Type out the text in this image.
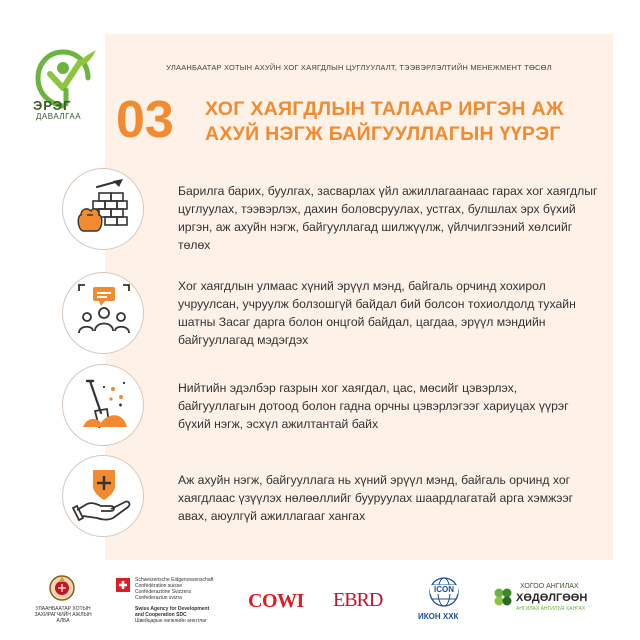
ЭРЭГ
ДАВАЛГАА
УЛААНБААТАР ХОТЫН АХУЙН ХОГ ХАЯГДЛЫН ЦУГЛУУЛАЛТ, ТЭЭВЭРЛЭЛТИЙН МЕНЕЖМЕНТ ТӨСӨЛ
03 ХОГ ХАЯГДЛЫН ТАЛААР ИРГЭН АЖ АХУЙ НЭГЖ БАЙГУУЛЛАГЫН ҮҮРЭГ
Барилга барих, буулгах, засварлах үйл ажиллагаанаас гарах хог хаягдлыг цуглуулах, тээвэрлэх, дахин боловсруулах, устгах, булшлах эрх бүхий иргэн, аж ахуйн нэгж, байгууллагад шилжүүлж, үйлчилгээний хөлсийг төлөх
Хог хаягдлын улмаас хүний эрүүл мэнд, байгаль орчинд хохирол учруулсан, учруулж болзошгүй байдал бий болсон тохиолдолд тухайн шатны Засаг дарга болон онцгой байдал, цагдаа, эрүүл мэндийн байгууллагад мэдэгдэх
Нийтийн эдэлбэр газрын хог хаягдал, цас, мөсийг цэвэрлэх, байгууллагын дотоод болон гадна орчны цэвэрлэгээг хариуцах үүрэг бүхий нэгж, эсхүл ажилтантай байх
Аж ахуйн нэгж, байгууллага нь хүний эрүүл мэнд, байгаль орчинд хог хаягдлаас үзүүлэх нөлөөллийг бууруулах шаардлагатай арга хэмжээг авах, аюулгүй ажиллагааг хангах
УЛААНБААТАР ХОТЫН
ЗАХИРАГЧИЙН АЖЛЫН
АЛБА
Schweizerische Eidgenossenschaft
Confédération suisse
Confederazione Svizzera
Confederaziun svizra
Swiss Agency for Development
and Cooperation SDC
Швейцарын хөгжлийн агентлаг
COWI EBRD	ICON
ИКОН ХХК
ХОГОО АНГИЛАХ
ХӨДӨЛГӨӨН
АНГИЛАХ АНГИЛЪЯ ХАНГАХ
